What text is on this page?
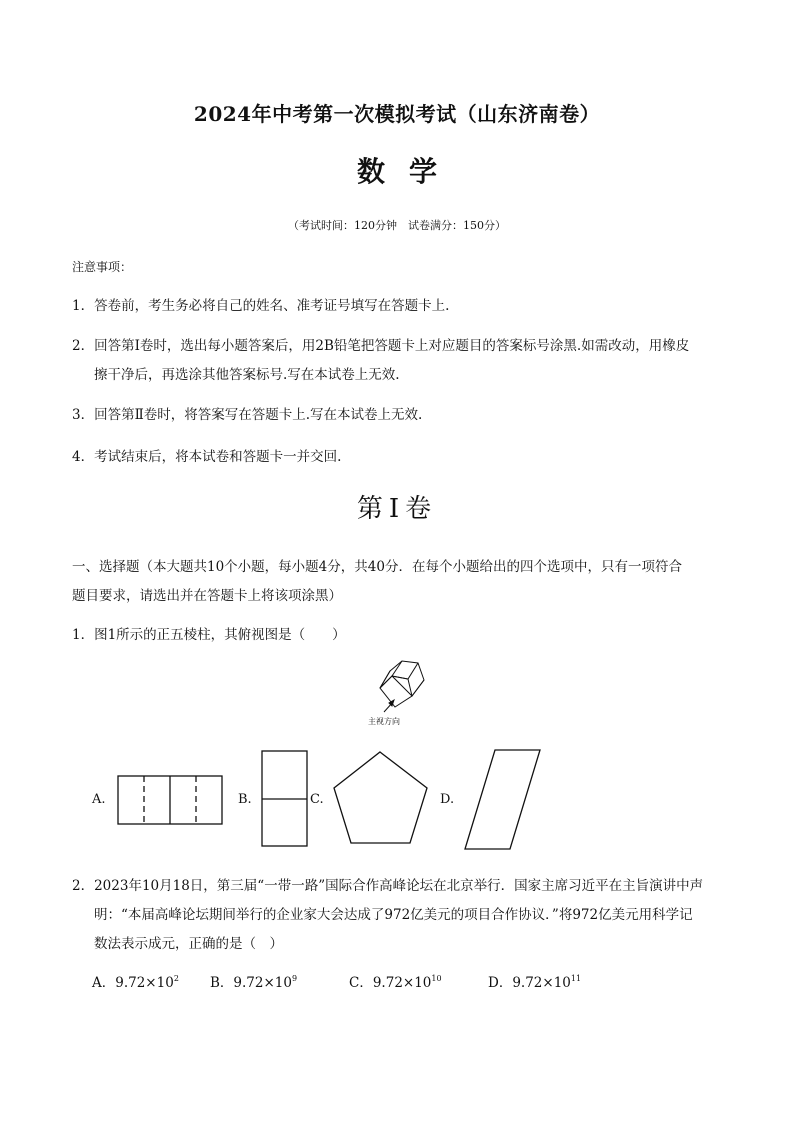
2024年中考第一次模拟考试（山东济南卷）
数学
（考试时间：120分钟　试卷满分：150分）
注意事项：
1．答卷前，考生务必将自己的姓名、准考证号填写在答题卡上.
2．回答第Ⅰ卷时，选出每小题答案后，用2B铅笔把答题卡上对应题目的答案标号涂黑.如需改动，用橡皮
擦干净后，再选涂其他答案标号.写在本试卷上无效.
3．回答第Ⅱ卷时，将答案写在答题卡上.写在本试卷上无效.
4．考试结束后，将本试卷和答题卡一并交回.
第Ⅰ卷
一、选择题（本大题共10个小题，每小题4分，共40分．在每个小题给出的四个选项中，只有一项符合
题目要求，请选出并在答题卡上将该项涂黑）
1．图1所示的正五棱柱，其俯视图是（　　）
主视方向
A.	B.	C.	D.
2．2023年10月18日，第三届“一带一路”国际合作高峰论坛在北京举行．国家主席习近平在主旨演讲中声
明：“本届高峰论坛期间举行的企业家大会达成了972亿美元的项目合作协议．”将972亿美元用科学记
数法表示成元，正确的是（　）
A．$9.72\times 10^2$ B．$9.72\times 10^9$	C．$9.72\times 10^{10}$	D．$9.72\times 10^{11}$
